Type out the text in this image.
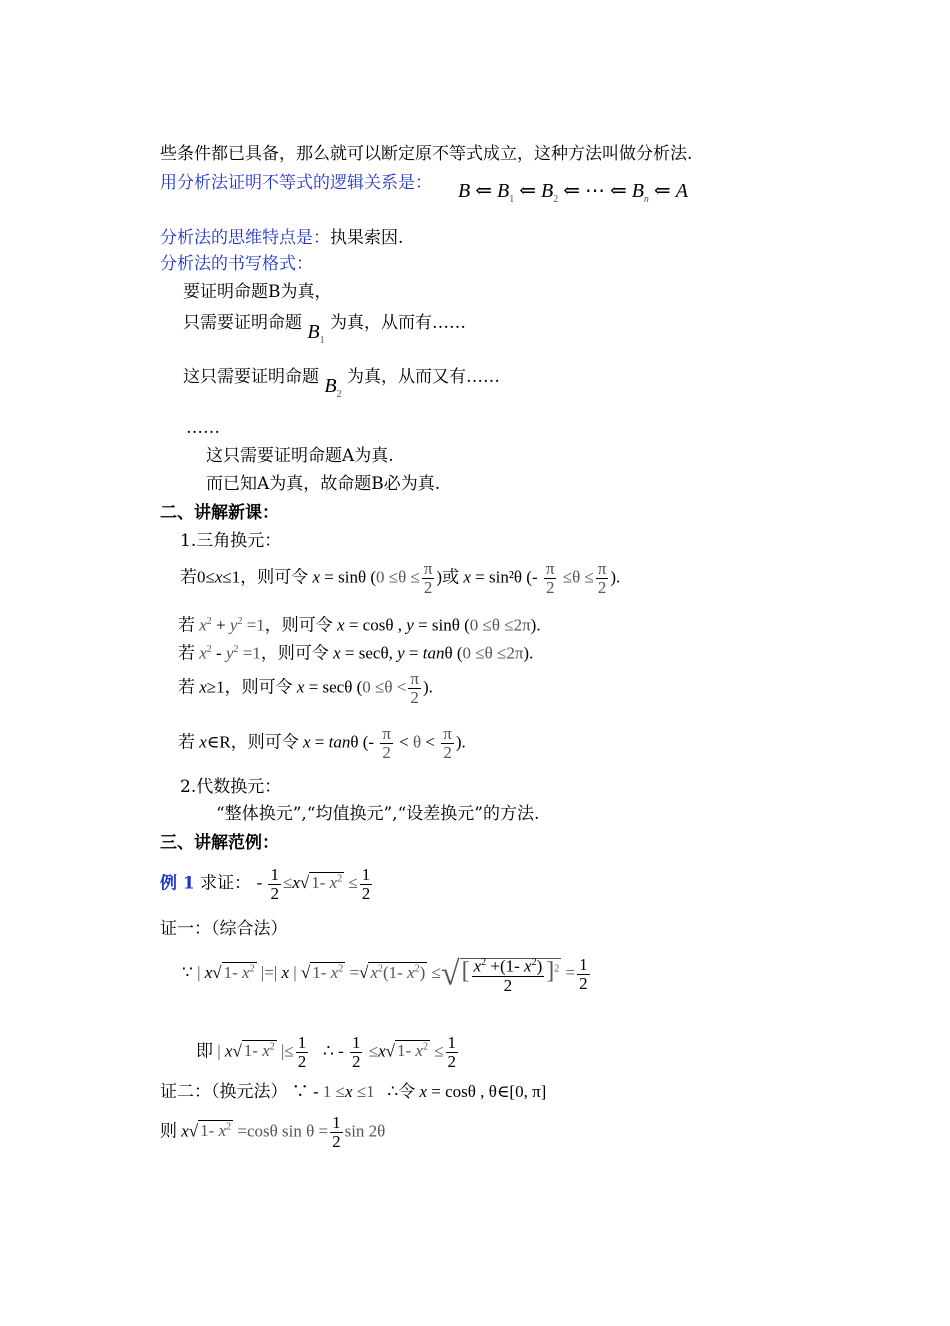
些条件都已具备，那么就可以断定原不等式成立，这种方法叫做分析法.
用分析法证明不等式的逻辑关系是： B ⇐ $B_1$ ⇐ $B_2$ ⇐ ⋯ ⇐ $B_n$ ⇐ A
分析法的思维特点是：执果索因.
分析法的书写格式：
要证明命题B为真，
只需要证明命题 $B_1$ 为真，从而有……
这只需要证明命题 $B_2$ 为真，从而又有……
……
这只需要证明命题A为真.
而已知A为真，故命题B必为真.
二、讲解新课：
1.三角换元：
若0≤x≤1，则可令 x = sinθ ($0 \le\theta \le \frac{\pi}{2}$ )或 x = sin²θ (- $\frac{\pi}{2} \le\theta \le \frac{\pi}{2}$ ).
若 $x^2 + y^2 =1$，则可令 x = cosθ , y = sinθ (0 ≤θ ≤2π).
若 $x^2 - y^2 =1$，则可令 x = secθ, y = tanθ (0 ≤θ ≤2π).
若 x≥1，则可令 x = secθ ($0 \le\theta < \frac{\pi}{2}$ ).
若 x∈R，则可令 x = tanθ (- $\frac{\pi}{2} < \theta < \frac{\pi}{2}$ ).
2.代数换元：
“整体换元”,“均值换元”,“设差换元”的方法.
三、讲解范例：
例 1 求证： - $\frac{1}{2} \le x√$ 1- $x^2 \le \frac{1}{2}$
证一：（综合法）
∵ | x√ 1- $x^2$ |=| x | √ 1- $x^2$ =√ $x^2(1-$ $x^2$) ≤√[ $\frac{x^2 +(1- x^2)}{2} ]^2 = \frac{1}{2}$
即 | x√ 1- $x^2$ |≤ $\frac{1}{2}$ ∴ - $\frac{1}{2} \le x√$ 1- $x^2 \le \frac{1}{2}$
证二：（换元法） ∵ - 1 ≤x ≤1   ∴令 x = cosθ , θ∈[0, π]
则 x√ 1- $x^2 =\cos\theta$ $\sin \theta = \frac{1}{2}$ sin 2θ
